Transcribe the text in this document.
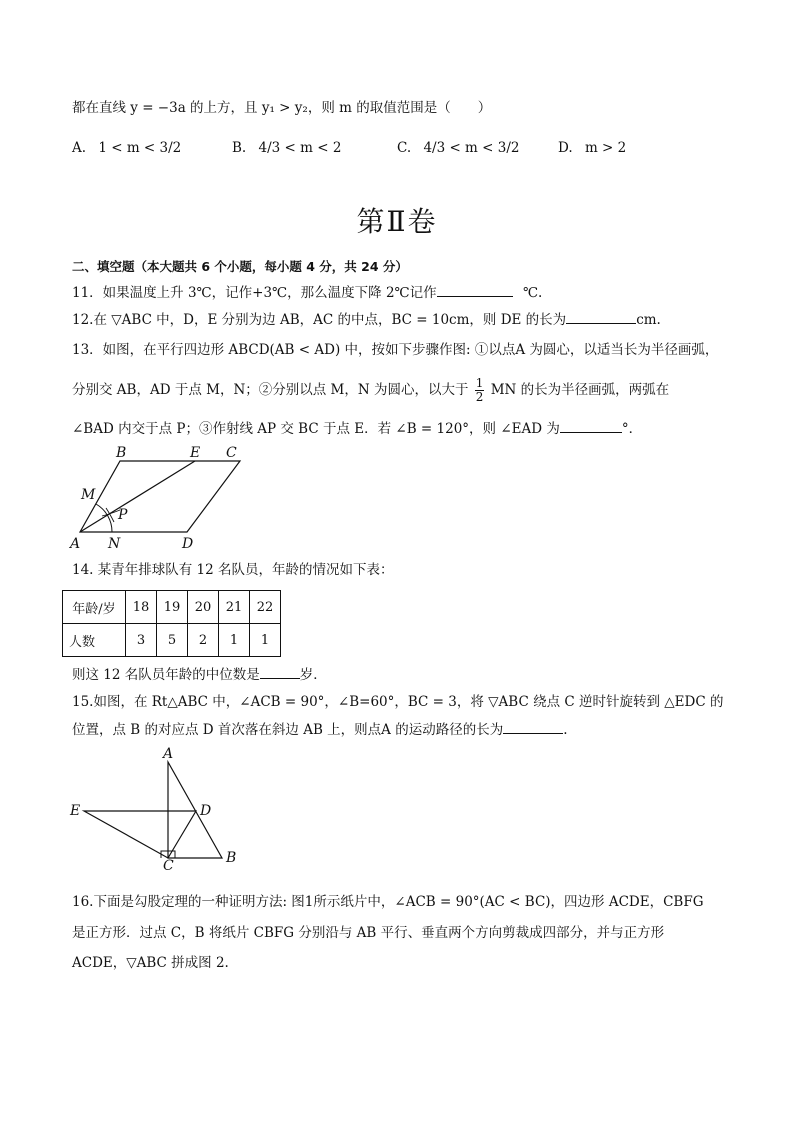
都在直线 y = −3a 的上方，且 y₁ > y₂，则 m 的取值范围是（　　）
A. 1 < m < 3/2	B. 4/3 < m < 2	C. 4/3 < m < 3/2	D. m > 2
第Ⅱ卷
二、填空题（本大题共 6 个小题，每小题 4 分，共 24 分）
11．如果温度上升 3℃，记作+3℃，那么温度下降 2℃记作	℃.
12.在 ▽ABC 中，D，E 分别为边 AB，AC 的中点，BC = 10cm，则 DE 的长为	cm.
13．如图，在平行四边形 ABCD(AB < AD) 中，按如下步骤作图: ①以点A 为圆心，以适当长为半径画弧，
分别交 AB，AD 于点 M，N；②分别以点 M，N 为圆心，以大于 $\frac{1}{2}$ MN 的长为半径画弧，两弧在
∠BAD 内交于点 P；③作射线 AP 交 BC 于点 E．若 ∠B = 120°，则 ∠EAD 为	°．
B	E C
M
P
A N	D
14. 某青年排球队有 12 名队员，年龄的情况如下表：
年龄/岁	18	19	20	21	22
人数	3	5	2	1	1
则这 12 名队员年龄的中位数是	岁．
15.如图，在 Rt△ABC 中，∠ACB = 90°，∠B=60°，BC = 3，将 ▽ABC 绕点 C 逆时针旋转到 △EDC 的
位置，点 B 的对应点 D 首次落在斜边 AB 上，则点A 的运动路径的长为	.
A
E	D
B
C
16.下面是勾股定理的一种证明方法: 图1所示纸片中，∠ACB = 90°(AC < BC)，四边形 ACDE，CBFG
是正方形．过点 C，B 将纸片 CBFG 分别沿与 AB 平行、垂直两个方向剪裁成四部分，并与正方形
ACDE，▽ABC 拼成图 2.
